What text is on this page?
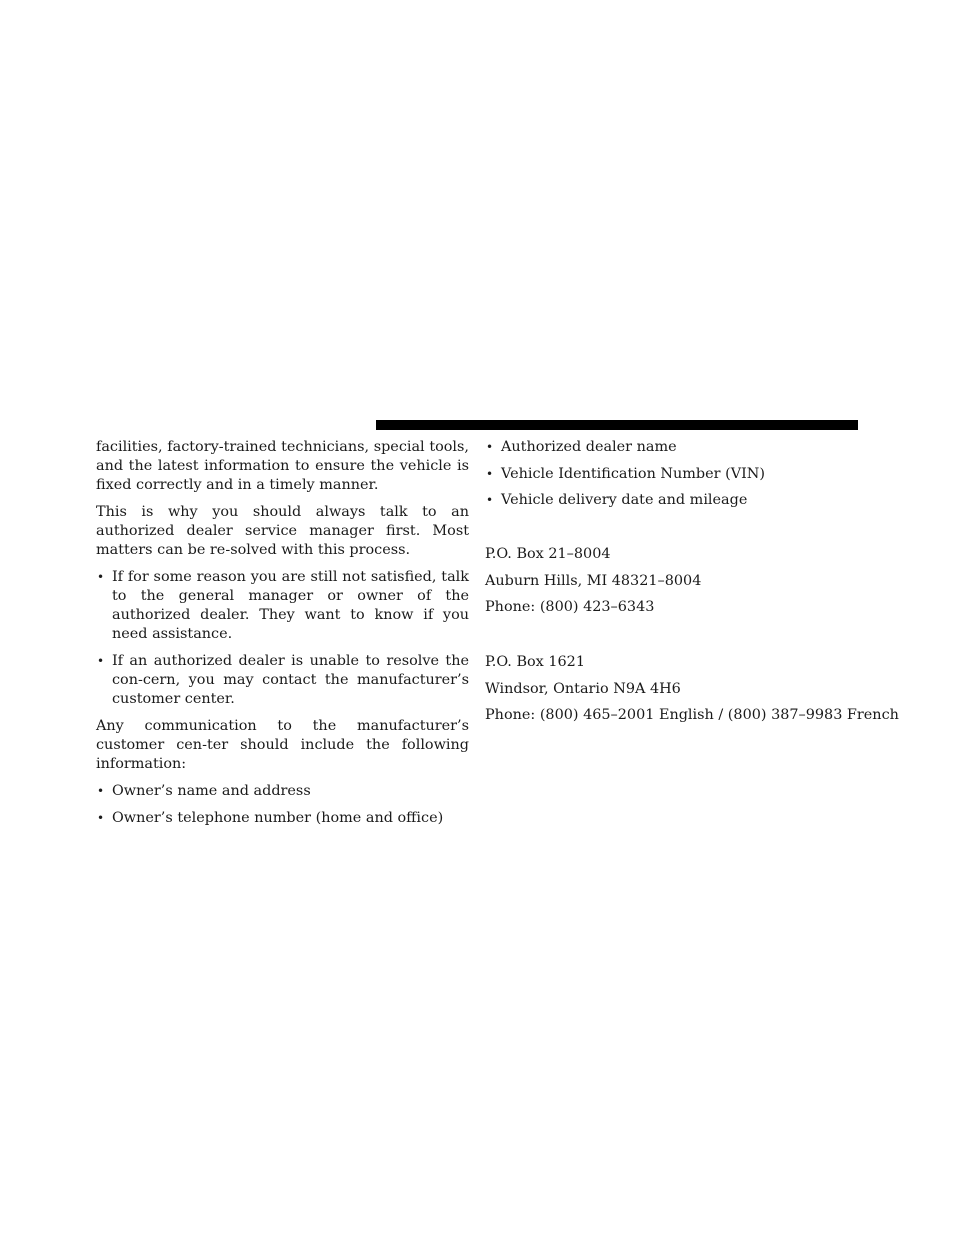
facilities, factory-trained technicians, special tools, and the latest information to ensure the vehicle is fixed correctly and in a timely manner.

This is why you should always talk to an authorized dealer service manager first. Most matters can be re-solved with this process.

• If for some reason you are still not satisfied, talk to the general manager or owner of the authorized dealer. They want to know if you need assistance.
• If an authorized dealer is unable to resolve the con-cern, you may contact the manufacturer’s customer center.

Any communication to the manufacturer’s customer cen-ter should include the following information:

• Owner’s name and address
• Owner’s telephone number (home and office)
• Authorized dealer name
• Vehicle Identification Number (VIN)
• Vehicle delivery date and mileage
P.O. Box 21–8004
Auburn Hills, MI 48321–8004
Phone: (800) 423–6343
P.O. Box 1621
Windsor, Ontario N9A 4H6
Phone: (800) 465–2001 English / (800) 387–9983 French
